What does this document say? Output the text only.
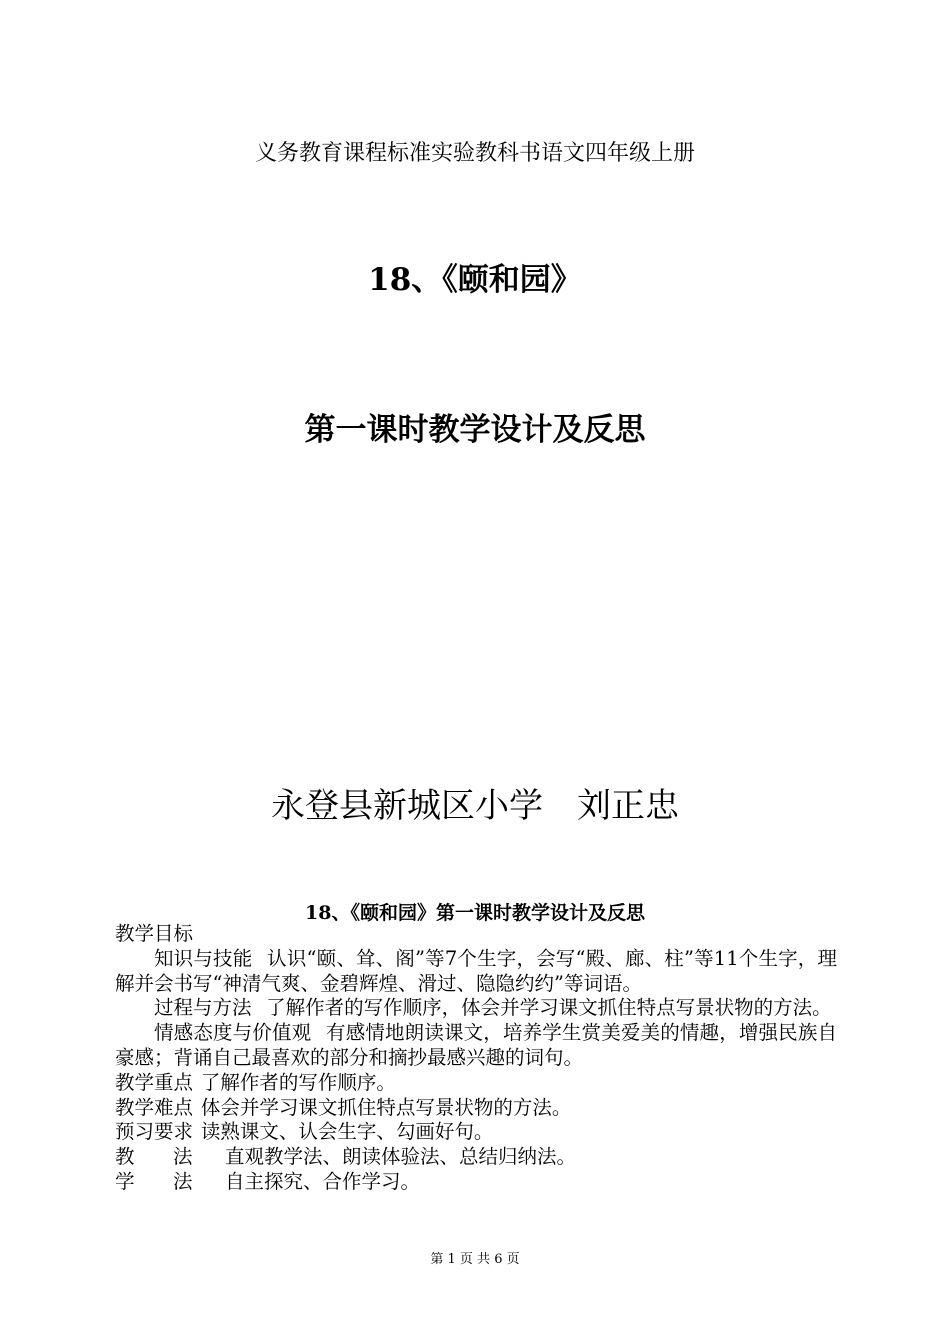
义务教育课程标准实验教科书语文四年级上册
18、《颐和园》
第一课时教学设计及反思
永登县新城区小学　刘正忠
18、《颐和园》第一课时教学设计及反思

教学目标

知识与技能 认识“颐、耸、阁”等7个生字，会写“殿、廊、柱”等11个生字，理解并会书写“神清气爽、金碧辉煌、滑过、隐隐约约”等词语。

过程与方法 了解作者的写作顺序，体会并学习课文抓住特点写景状物的方法。

情感态度与价值观 有感情地朗读课文，培养学生赏美爱美的情趣，增强民族自豪感；背诵自己最喜欢的部分和摘抄最感兴趣的词句。

教学重点 了解作者的写作顺序。

教学难点 体会并学习课文抓住特点写景状物的方法。

预习要求 读熟课文、认会生字、勾画好句。

教 法 直观教学法、朗读体验法、总结归纳法。

学 法 自主探究、合作学习。

第 1 页 共 6 页
